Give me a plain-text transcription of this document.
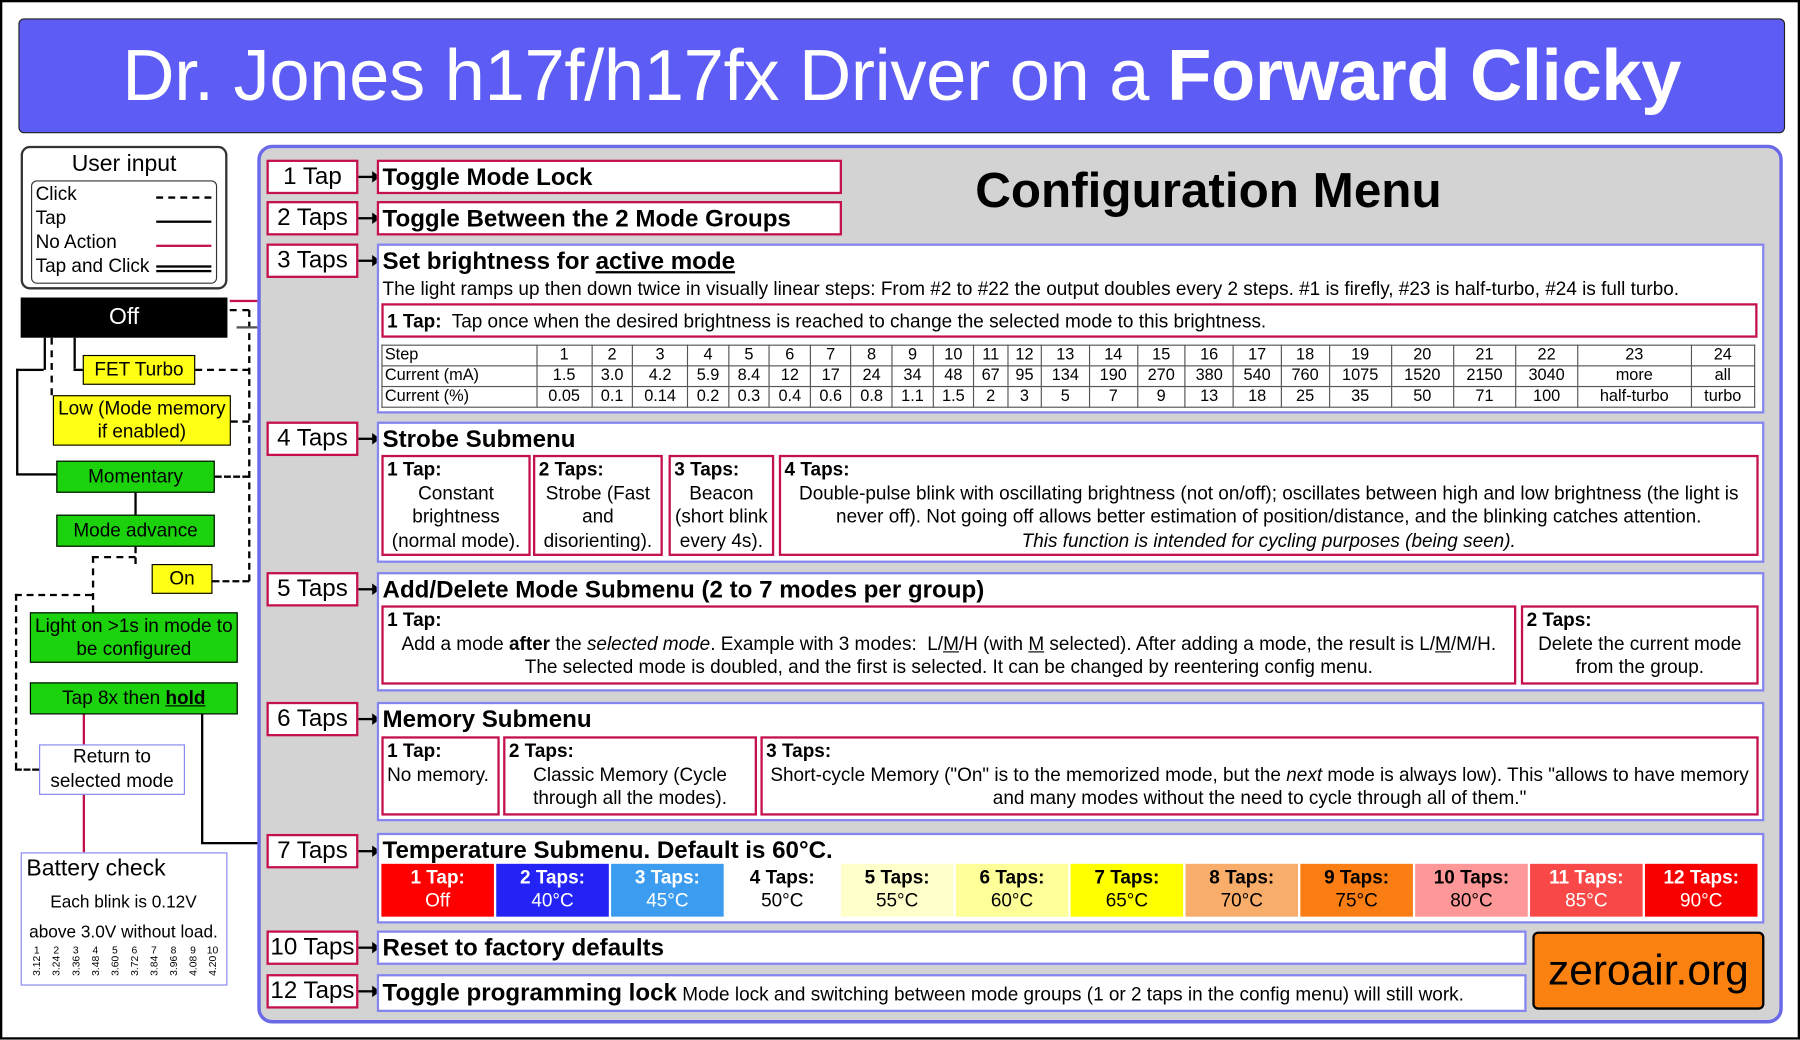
Dr. Jones h17f/h17fx Driver on a Forward Clicky
User input
Click
Tap
No Action
Tap and Click
Off
FET Turbo
Low (Mode memory if enabled)
Momentary
Mode advance
On
Light on >1s in mode to be configured
Tap 8x then hold
Return to selected mode
Battery check
Each blink is 0.12V
above 3.0V without load.
1
3.12
2
3.24
3
3.36
4
3.48
5
3.60
6
3.72
7
3.84
8
3.96
9
4.08
10
4.20
Configuration Menu
1 Tap
2 Taps
3 Taps
4 Taps
5 Taps
6 Taps
7 Taps
10 Taps
12 Taps
Toggle Mode Lock
Toggle Between the 2 Mode Groups
Set brightness for active mode
The light ramps up then down twice in visually linear steps: From #2 to #22 the output doubles every 2 steps. #1 is firefly, #23 is half-turbo, #24 is full turbo.
1 Tap: Tap once when the desired brightness is reached to change the selected mode to this brightness.
Step	1	2	3	4	5	6	7	8	9	10	11	12	13	14	15	16	17	18	19	20	21	22	23	24
Current (mA)	1.5	3.0	4.2	5.9	8.4	12	17	24	34	48	67	95	134	190	270	380	540	760	1075	1520	2150	3040	more	all
Current (%)	0.05	0.1	0.14	0.2	0.3	0.4	0.6	0.8	1.1	1.5	2	3	5	7	9	13	18	25	35	50	71	100	half-turbo	turbo
Strobe Submenu
1 Tap:
Constant brightness (normal mode).
2 Taps:
Strobe (Fast and disorienting).
3 Taps:
Beacon (short blink every 4s).
4 Taps:
Double-pulse blink with oscillating brightness (not on/off); oscillates between high and low brightness (the light is never off). Not going off allows better estimation of position/distance, and the blinking catches attention.
This function is intended for cycling purposes (being seen).
Add/Delete Mode Submenu (2 to 7 modes per group)
1 Tap:
Add a mode after the selected mode. Example with 3 modes:  L/M/H (with M selected). After adding a mode, the result is L/M/M/H. The selected mode is doubled, and the first is selected. It can be changed by reentering config menu.
2 Taps:
Delete the current mode from the group.
Memory Submenu
1 Tap:
No memory.
2 Taps:
Classic Memory (Cycle through all the modes).
3 Taps:
Short-cycle Memory ("On" is to the memorized mode, but the next mode is always low). This "allows to have memory and many modes without the need to cycle through all of them."
Temperature Submenu. Default is 60°C.
1 Tap:
Off
2 Taps:
40°C
3 Taps:
45°C
4 Taps:
50°C
5 Taps:
55°C
6 Taps:
60°C
7 Taps:
65°C
8 Taps:
70°C
9 Taps:
75°C
10 Taps:
80°C
11 Taps:
85°C
12 Taps:
90°C
Reset to factory defaults
Toggle programming lock Mode lock and switching between mode groups (1 or 2 taps in the config menu) will still work.
zeroair.org
